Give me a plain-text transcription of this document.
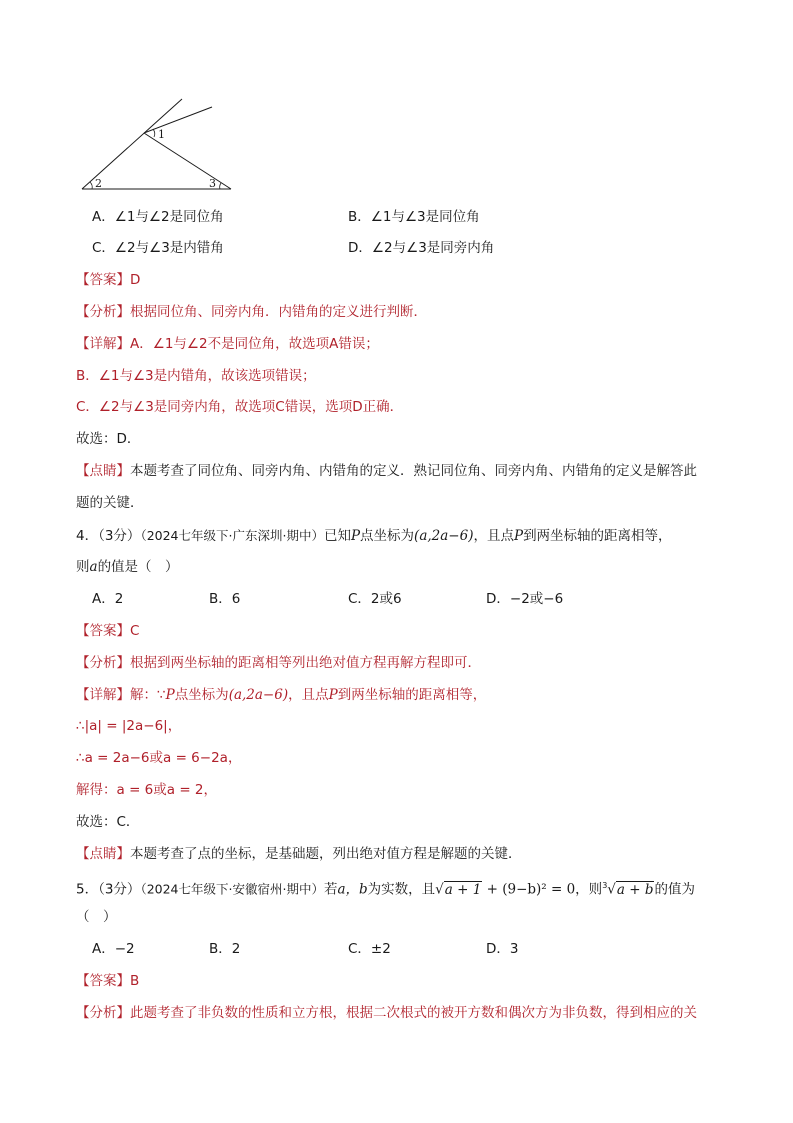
1
2	3
A．∠1与∠2是同位角	B．∠1与∠3是同位角
C．∠2与∠3是内错角	D．∠2与∠3是同旁内角
【答案】D
【分析】根据同位角、同旁内角．内错角的定义进行判断．
【详解】A．∠1与∠2不是同位角，故选项A错误；
B．∠1与∠3是内错角，故该选项错误；
C．∠2与∠3是同旁内角，故选项C错误，选项D正确．
故选：D．
【点睛】本题考查了同位角、同旁内角、内错角的定义．熟记同位角、同旁内角、内错角的定义是解答此
题的关键．
4．（3分）（2024七年级下·广东深圳·期中）已知P点坐标为(a,2a−6)，且点P到两坐标轴的距离相等，
则a的值是（　）
A．2	B．6	C．2或6	D．−2或−6
【答案】C
【分析】根据到两坐标轴的距离相等列出绝对值方程再解方程即可．
【详解】解：∵P点坐标为(a,2a−6)，且点P到两坐标轴的距离相等，
∴|a| = |2a−6|，
∴a = 2a−6或a = 6−2a，
解得：a = 6或a = 2，
故选：C．
【点睛】本题考查了点的坐标，是基础题，列出绝对值方程是解题的关键．
5．（3分）（2024七年级下·安徽宿州·期中）若a，b为实数，且√a + 1 + (9−b)² = 0，则$^3$√a + b的值为
（　）
A．−2	B．2	C．±2	D．3
【答案】B
【分析】此题考查了非负数的性质和立方根，根据二次根式的被开方数和偶次方为非负数，得到相应的关
